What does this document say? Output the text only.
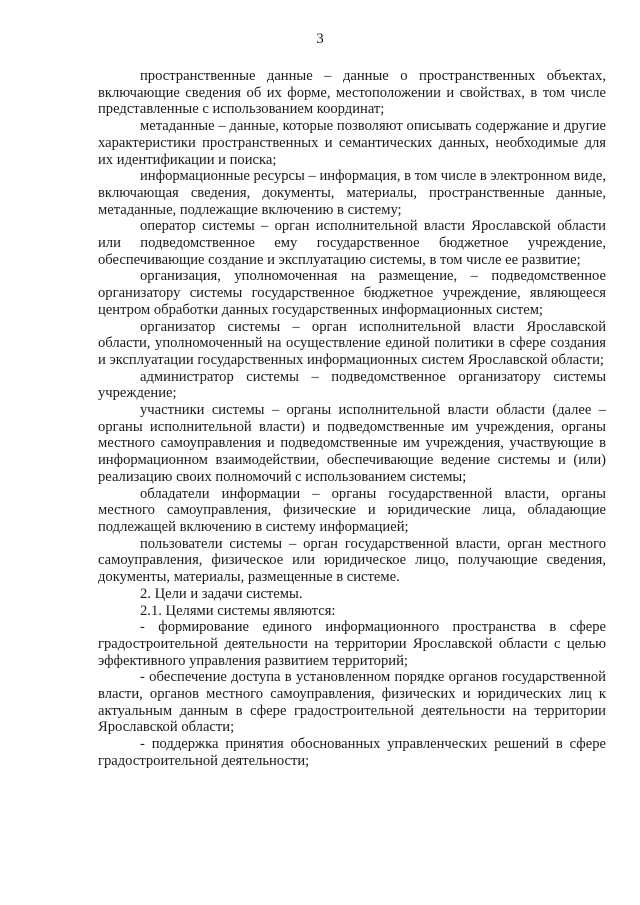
3

пространственные данные – данные о пространственных объектах, включающие сведения об их форме, местоположении и свойствах, в том числе представленные с использованием координат;

метаданные – данные, которые позволяют описывать содержание и другие характеристики пространственных и семантических данных, необходимые для их идентификации и поиска;

информационные ресурсы – информация, в том числе в электронном виде, включающая сведения, документы, материалы, пространственные данные, метаданные, подлежащие включению в систему;

оператор системы – орган исполнительной власти Ярославской области или подведомственное ему государственное бюджетное учреждение, обеспечивающие создание и эксплуатацию системы, в том числе ее развитие;

организация, уполномоченная на размещение, – подведомственное организатору системы государственное бюджетное учреждение, являющееся центром обработки данных государственных информационных систем;

организатор системы – орган исполнительной власти Ярославской области, уполномоченный на осуществление единой политики в сфере создания и эксплуатации государственных информационных систем Ярославской области;

администратор системы – подведомственное организатору системы учреждение;

участники системы – органы исполнительной власти области (далее – органы исполнительной власти) и подведомственные им учреждения, органы местного самоуправления и подведомственные им учреждения, участвующие в информационном взаимодействии, обеспечивающие ведение системы и (или) реализацию своих полномочий с использованием системы;

обладатели информации – органы государственной власти, органы местного самоуправления, физические и юридические лица, обладающие подлежащей включению в систему информацией;

пользователи системы – орган государственной власти, орган местного самоуправления, физическое или юридическое лицо, получающие сведения, документы, материалы, размещенные в системе.

2. Цели и задачи системы.

2.1. Целями системы являются:

- формирование единого информационного пространства в сфере градостроительной деятельности на территории Ярославской области с целью эффективного управления развитием территорий;

- обеспечение доступа в установленном порядке органов государственной власти, органов местного самоуправления, физических и юридических лиц к актуальным данным в сфере градостроительной деятельности на территории Ярославской области;

- поддержка принятия обоснованных управленческих решений в сфере градостроительной деятельности;
